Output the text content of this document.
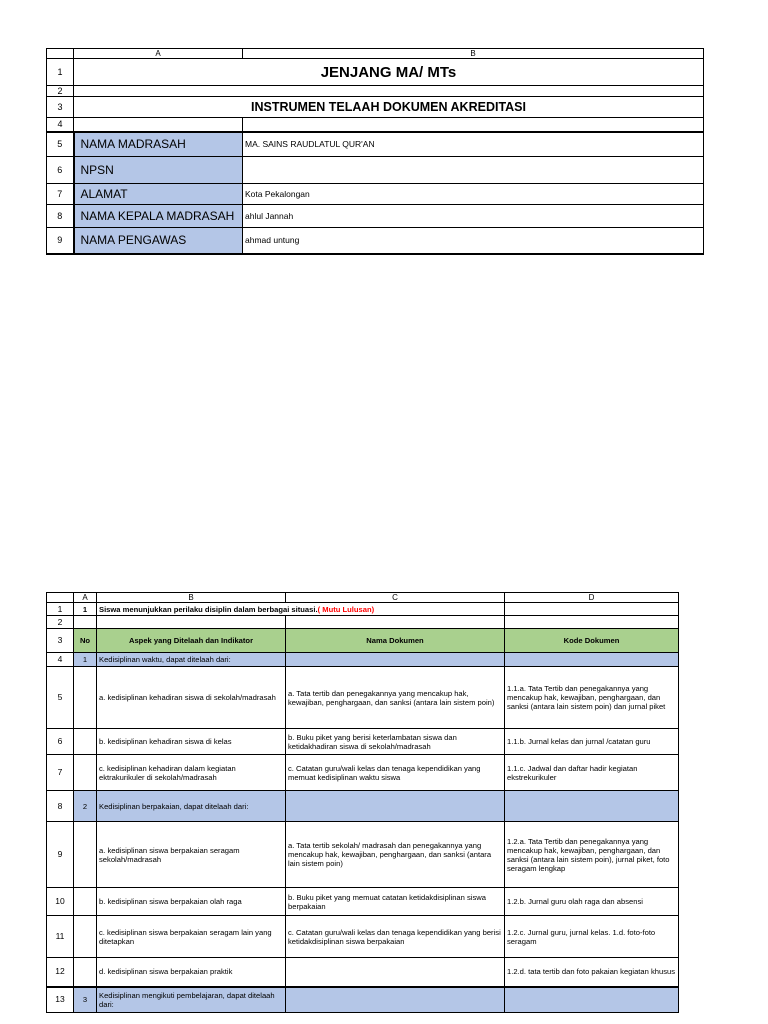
	A	B
1	JENJANG MA/ MTs	
2		
3	INSTRUMEN TELAAH DOKUMEN AKREDITASI	
4		
5	NAMA MADRASAH	MA. SAINS RAUDLATUL QUR'AN
6	NPSN	
7	ALAMAT	Kota Pekalongan
8	NAMA KEPALA MADRASAH	ahlul Jannah
9	NAMA PENGAWAS	ahmad untung
	A	B	C	D
1	1	Siswa menunjukkan perilaku disiplin dalam berbagai situasi.( Mutu Lulusan)		
2				
3	No	Aspek yang Ditelaah dan Indikator	Nama Dokumen	Kode Dokumen
4	1	Kedisiplinan waktu, dapat ditelaah dari:		
5		a. kedisiplinan kehadiran siswa di sekolah/madrasah	a. Tata tertib dan penegakannya yang mencakup hak, kewajiban, penghargaan, dan sanksi (antara lain sistem poin)	1.1.a. Tata Tertib dan penegakannya yang mencakup hak, kewajiban, penghargaan, dan sanksi (antara lain sistem poin) dan jurnal piket
6		b. kedisiplinan kehadiran siswa di kelas	b. Buku piket yang berisi keterlambatan siswa dan ketidakhadiran siswa di sekolah/madrasah	1.1.b. Jurnal kelas dan jurnal /catatan guru
7		c. kedisiplinan kehadiran dalam kegiatan ektrakurikuler di sekolah/madrasah	c. Catatan guru/wali kelas dan tenaga kependidikan yang memuat kedisiplinan waktu siswa	1.1.c. Jadwal dan daftar hadir kegiatan ekstrekurikuler
8	2	Kedisiplinan berpakaian, dapat ditelaah dari:		
9		a. kedisiplinan siswa berpakaian seragam sekolah/madrasah	a. Tata tertib sekolah/ madrasah dan penegakannya yang mencakup hak, kewajiban, penghargaan, dan sanksi (antara lain sistem poin)	1.2.a. Tata Tertib dan penegakannya yang mencakup hak, kewajiban, penghargaan, dan sanksi (antara lain sistem poin), jurnal piket, foto seragam lengkap
10		b. kedisiplinan siswa berpakaian olah raga	b. Buku piket yang memuat catatan ketidakdisiplinan siswa berpakaian	1.2.b. Jurnal guru olah raga dan absensi
11		c. kedisiplinan siswa berpakaian seragam lain yang ditetapkan	c. Catatan guru/wali kelas dan tenaga kependidikan yang berisi ketidakdisiplinan siswa berpakaian	1.2.c. Jurnal guru, jurnal kelas. 1.d. foto-foto seragam
12		d. kedisiplinan siswa berpakaian praktik		1.2.d. tata tertib dan foto pakaian kegiatan khusus
13	3	Kedisiplinan mengikuti pembelajaran, dapat ditelaah dari:		
